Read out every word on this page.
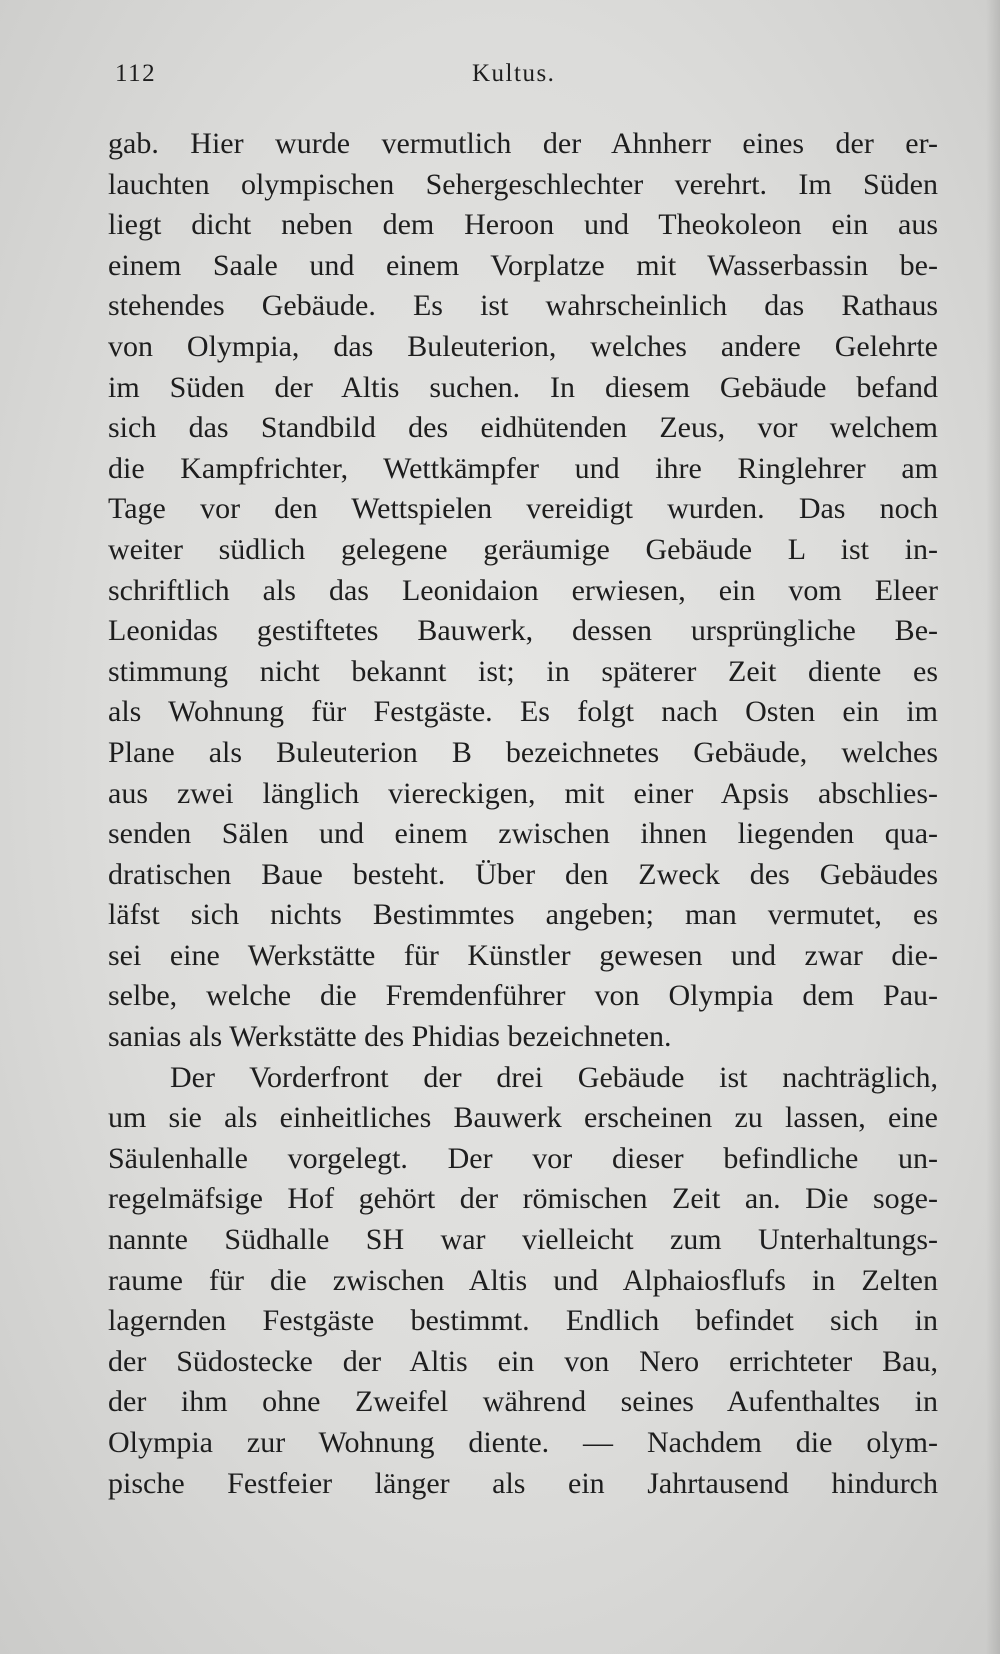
112	Kultus.
gab. Hier wurde vermutlich der Ahnherr eines der er-
lauchten olympischen Sehergeschlechter verehrt. Im Süden
liegt dicht neben dem Heroon und Theokoleon ein aus
einem Saale und einem Vorplatze mit Wasserbassin be-
stehendes Gebäude. Es ist wahrscheinlich das Rathaus
von Olympia, das Buleuterion, welches andere Gelehrte
im Süden der Altis suchen. In diesem Gebäude befand
sich das Standbild des eidhütenden Zeus, vor welchem
die Kampfrichter, Wettkämpfer und ihre Ringlehrer am
Tage vor den Wettspielen vereidigt wurden. Das noch
weiter südlich gelegene geräumige Gebäude L ist in-
schriftlich als das Leonidaion erwiesen, ein vom Eleer
Leonidas gestiftetes Bauwerk, dessen ursprüngliche Be-
stimmung nicht bekannt ist; in späterer Zeit diente es
als Wohnung für Festgäste. Es folgt nach Osten ein im
Plane als Buleuterion B bezeichnetes Gebäude, welches
aus zwei länglich viereckigen, mit einer Apsis abschlies-
senden Sälen und einem zwischen ihnen liegenden qua-
dratischen Baue besteht. Über den Zweck des Gebäudes
läfst sich nichts Bestimmtes angeben; man vermutet, es
sei eine Werkstätte für Künstler gewesen und zwar die-
selbe, welche die Fremdenführer von Olympia dem Pau-
sanias als Werkstätte des Phidias bezeichneten.
Der Vorderfront der drei Gebäude ist nachträglich,
um sie als einheitliches Bauwerk erscheinen zu lassen, eine
Säulenhalle vorgelegt. Der vor dieser befindliche un-
regelmäfsige Hof gehört der römischen Zeit an. Die soge-
nannte Südhalle SH war vielleicht zum Unterhaltungs-
raume für die zwischen Altis und Alphaiosflufs in Zelten
lagernden Festgäste bestimmt. Endlich befindet sich in
der Südostecke der Altis ein von Nero errichteter Bau,
der ihm ohne Zweifel während seines Aufenthaltes in
Olympia zur Wohnung diente. — Nachdem die olym-
pische Festfeier länger als ein Jahrtausend hindurch
